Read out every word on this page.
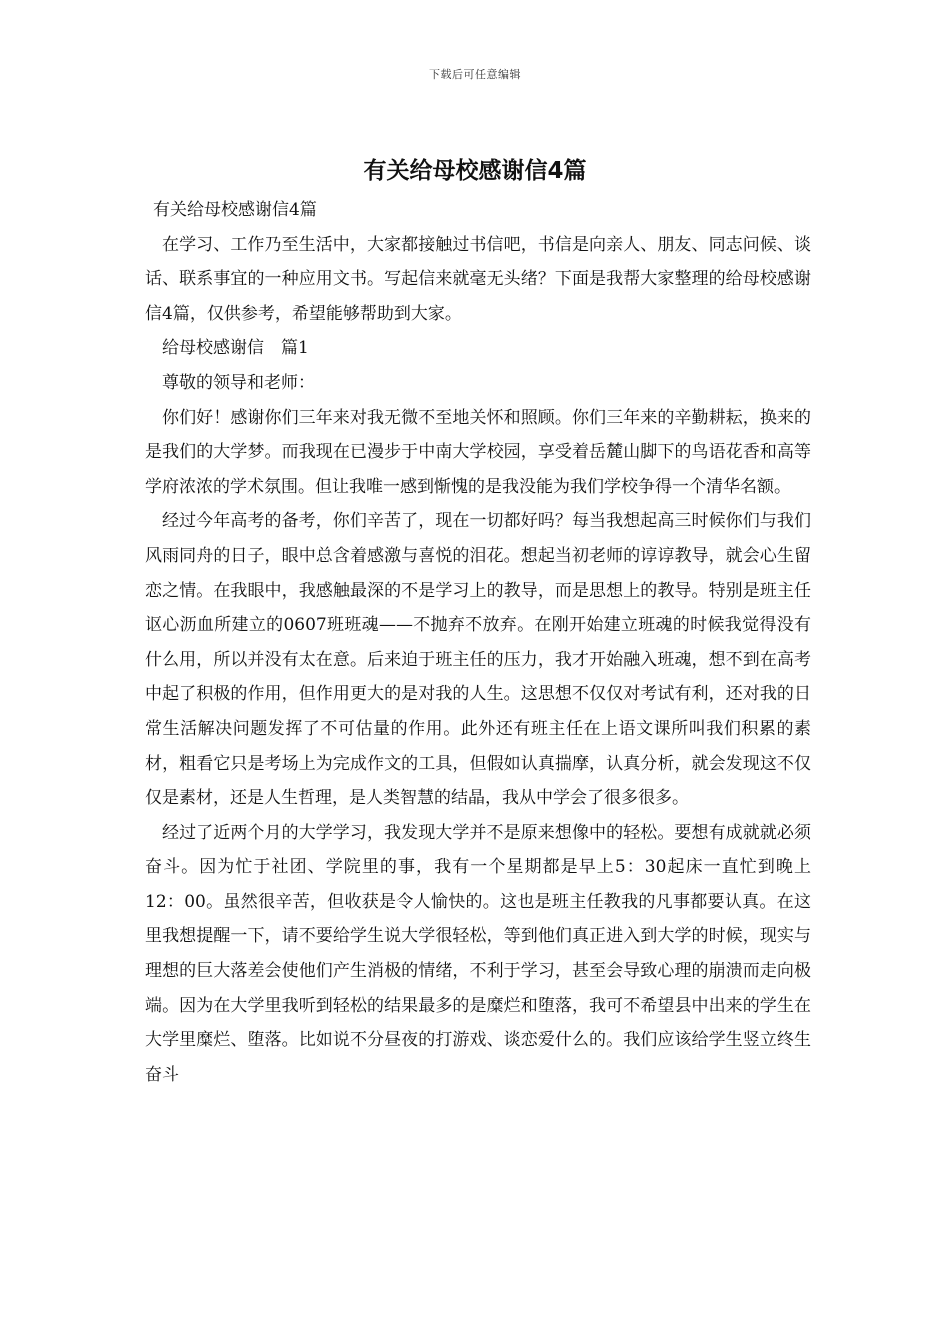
下载后可任意编辑
有关给母校感谢信4篇

有关给母校感谢信4篇

在学习、工作乃至生活中，大家都接触过书信吧，书信是向亲人、朋友、同志问候、谈话、联系事宜的一种应用文书。写起信来就毫无头绪？下面是我帮大家整理的给母校感谢信4篇，仅供参考，希望能够帮助到大家。

给母校感谢信　篇1

尊敬的领导和老师：

你们好！感谢你们三年来对我无微不至地关怀和照顾。你们三年来的辛勤耕耘，换来的是我们的大学梦。而我现在已漫步于中南大学校园，享受着岳麓山脚下的鸟语花香和高等学府浓浓的学术氛围。但让我唯一感到惭愧的是我没能为我们学校争得一个清华名额。

经过今年高考的备考，你们辛苦了，现在一切都好吗？每当我想起高三时候你们与我们风雨同舟的日子，眼中总含着感激与喜悦的泪花。想起当初老师的谆谆教导，就会心生留恋之情。在我眼中，我感触最深的不是学习上的教导，而是思想上的教导。特别是班主任讴心沥血所建立的0607班班魂——不抛弃不放弃。在刚开始建立班魂的时候我觉得没有什么用，所以并没有太在意。后来迫于班主任的压力，我才开始融入班魂，想不到在高考中起了积极的作用，但作用更大的是对我的人生。这思想不仅仅对考试有利，还对我的日常生活解决问题发挥了不可估量的作用。此外还有班主任在上语文课所叫我们积累的素材，粗看它只是考场上为完成作文的工具，但假如认真揣摩，认真分析，就会发现这不仅仅是素材，还是人生哲理，是人类智慧的结晶，我从中学会了很多很多。

经过了近两个月的大学学习，我发现大学并不是原来想像中的轻松。要想有成就就必须奋斗。因为忙于社团、学院里的事，我有一个星期都是早上5：30起床一直忙到晚上12：00。虽然很辛苦，但收获是令人愉快的。这也是班主任教我的凡事都要认真。在这里我想提醒一下，请不要给学生说大学很轻松，等到他们真正进入到大学的时候，现实与理想的巨大落差会使他们产生消极的情绪，不利于学习，甚至会导致心理的崩溃而走向极端。因为在大学里我听到轻松的结果最多的是糜烂和堕落，我可不希望县中出来的学生在大学里糜烂、堕落。比如说不分昼夜的打游戏、谈恋爱什么的。我们应该给学生竖立终生奋斗
